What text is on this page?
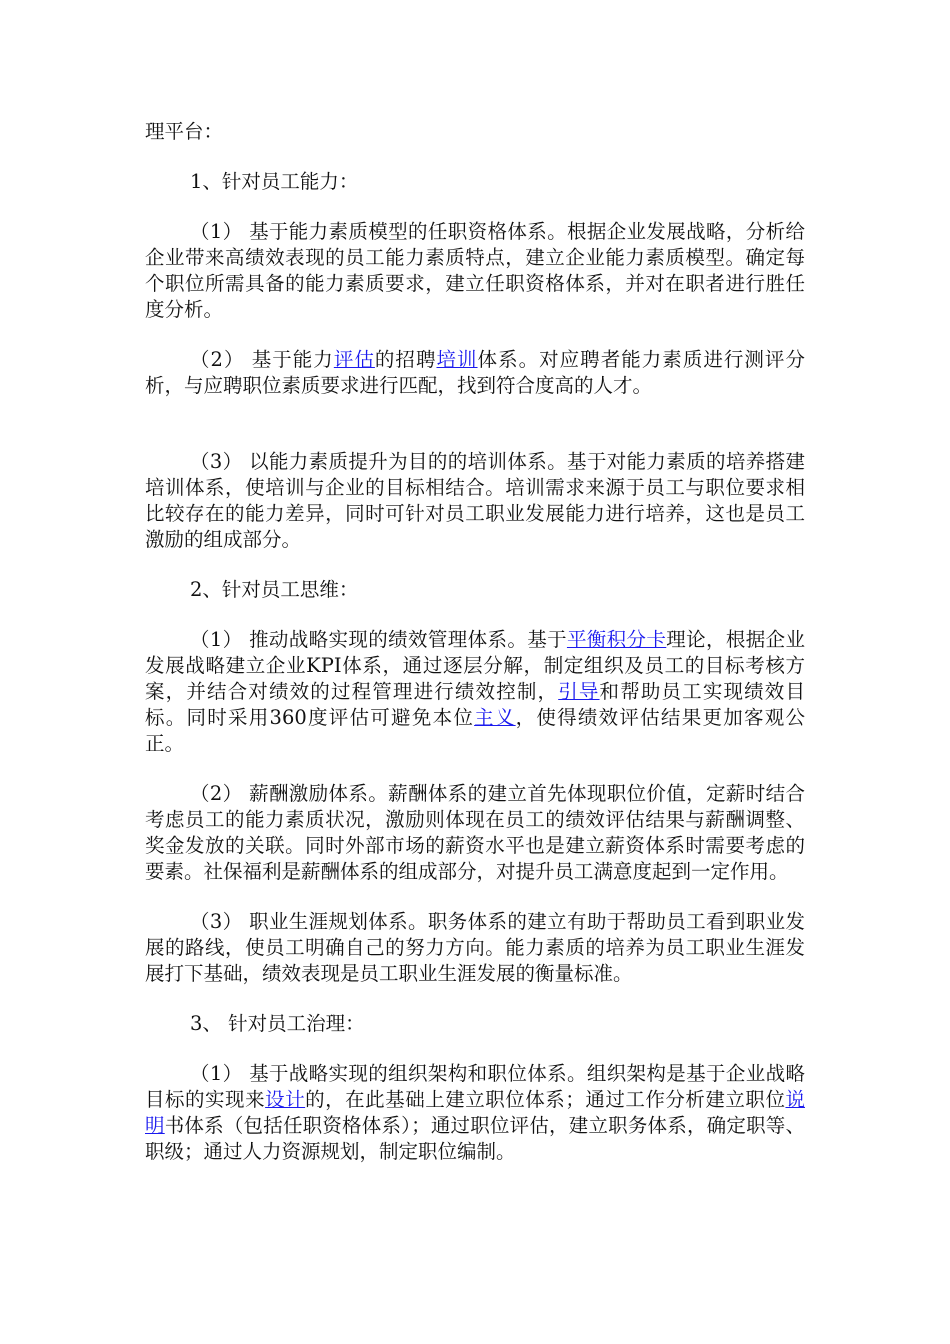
理平台：

1、针对员工能力：

（1） 基于能力素质模型的任职资格体系。根据企业发展战略，分析给企业带来高绩效表现的员工能力素质特点，建立企业能力素质模型。确定每个职位所需具备的能力素质要求，建立任职资格体系，并对在职者进行胜任度分析。

（2） 基于能力评估的招聘培训体系。对应聘者能力素质进行测评分析，与应聘职位素质要求进行匹配，找到符合度高的人才。

（3） 以能力素质提升为目的的培训体系。基于对能力素质的培养搭建培训体系，使培训与企业的目标相结合。培训需求来源于员工与职位要求相比较存在的能力差异，同时可针对员工职业发展能力进行培养，这也是员工激励的组成部分。

2、针对员工思维：

（1） 推动战略实现的绩效管理体系。基于平衡积分卡理论，根据企业发展战略建立企业KPI体系，通过逐层分解，制定组织及员工的目标考核方案，并结合对绩效的过程管理进行绩效控制，引导和帮助员工实现绩效目标。同时采用360度评估可避免本位主义，使得绩效评估结果更加客观公正。

（2） 薪酬激励体系。薪酬体系的建立首先体现职位价值，定薪时结合考虑员工的能力素质状况，激励则体现在员工的绩效评估结果与薪酬调整、奖金发放的关联。同时外部市场的薪资水平也是建立薪资体系时需要考虑的要素。社保福利是薪酬体系的组成部分，对提升员工满意度起到一定作用。

（3） 职业生涯规划体系。职务体系的建立有助于帮助员工看到职业发展的路线，使员工明确自己的努力方向。能力素质的培养为员工职业生涯发展打下基础，绩效表现是员工职业生涯发展的衡量标准。

3、 针对员工治理：

（1） 基于战略实现的组织架构和职位体系。组织架构是基于企业战略目标的实现来设计的，在此基础上建立职位体系；通过工作分析建立职位说明书体系（包括任职资格体系）；通过职位评估，建立职务体系，确定职等、职级；通过人力资源规划，制定职位编制。
